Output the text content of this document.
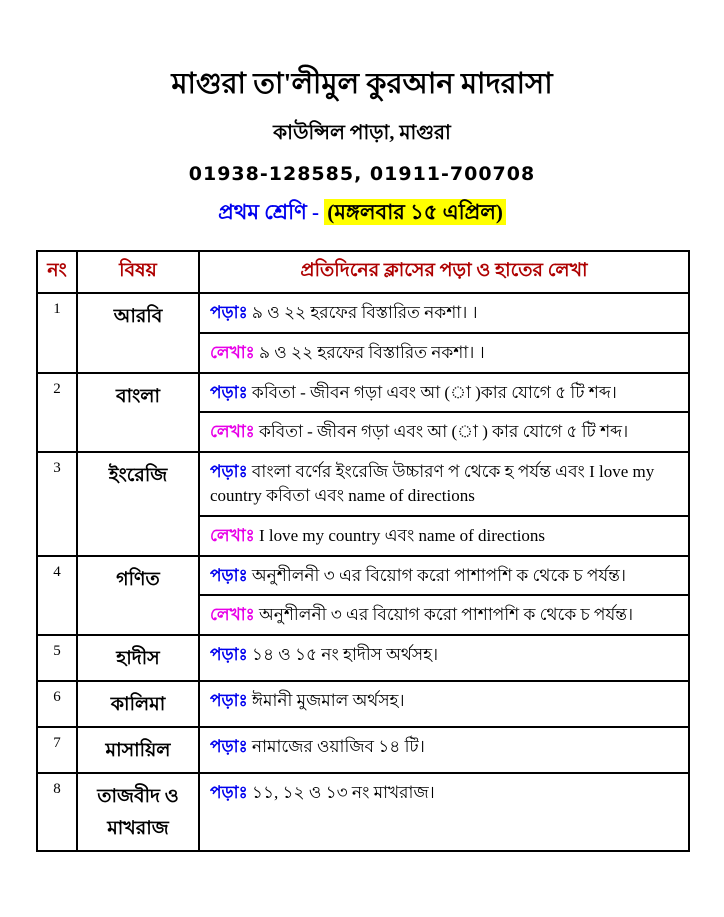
মাগুরা তা'লীমুল কুরআন মাদরাসা
কাউন্সিল পাড়া, মাগুরা
01938-128585, 01911-700708
প্রথম শ্রেণি - (মঙ্গলবার ১৫ এপ্রিল)
নং	বিষয়	প্রতিদিনের ক্লাসের পড়া ও হাতের লেখা
1	আরবি	পড়াঃ ৯ ও ২২ হরফের বিস্তারিত নকশা। ।
		লেখাঃ ৯ ও ২২ হরফের বিস্তারিত নকশা। ।
2	বাংলা	পড়াঃ কবিতা - জীবন গড়া এবং আ (◌া )কার যোগে ৫ টি শব্দ।
		লেখাঃ কবিতা - জীবন গড়া এবং আ (◌া ) কার যোগে ৫ টি শব্দ।
3	ইংরেজি	পড়াঃ বাংলা বর্ণের ইংরেজি উচ্চারণ প থেকে হ পর্যন্ত এবং I love my country কবিতা এবং name of directions
		লেখাঃ I love my country এবং name of directions
4	গণিত	পড়াঃ অনুশীলনী ৩ এর বিয়োগ করো পাশাপশি ক থেকে চ পর্যন্ত।
		লেখাঃ অনুশীলনী ৩ এর বিয়োগ করো পাশাপশি ক থেকে চ পর্যন্ত।
5	হাদীস	পড়াঃ ১৪ ও ১৫ নং হাদীস অর্থসহ।
6	কালিমা	পড়াঃ ঈমানী মুজমাল অর্থসহ।
7	মাসায়িল	পড়াঃ নামাজের ওয়াজিব ১৪ টি।
8	তাজবীদ ও মাখরাজ	পড়াঃ ১১, ১২ ও ১৩ নং মাখরাজ।
